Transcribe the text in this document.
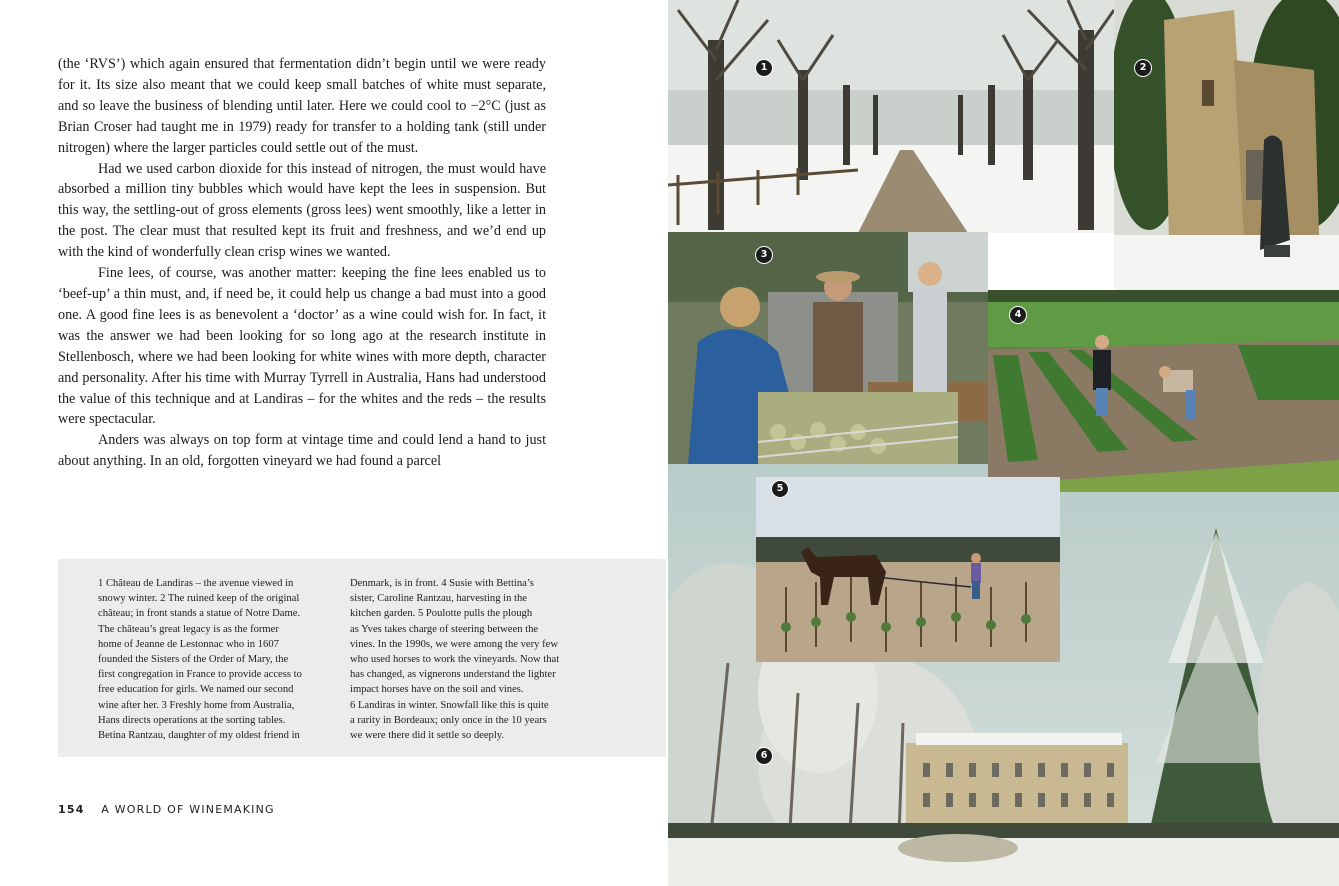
(the ‘RVS’) which again ensured that fermentation didn’t begin until we were ready for it. Its size also meant that we could keep small batches of white must separate, and so leave the business of blending until later. Here we could cool to −2°C (just as Brian Croser had taught me in 1979) ready for transfer to a holding tank (still under nitrogen) where the larger particles could settle out of the must.

Had we used carbon dioxide for this instead of nitrogen, the must would have absorbed a million tiny bubbles which would have kept the lees in suspension. But this way, the settling-out of gross elements (gross lees) went smoothly, like a letter in the post. The clear must that resulted kept its fruit and freshness, and we’d end up with the kind of wonderfully clean crisp wines we wanted.

Fine lees, of course, was another matter: keeping the fine lees enabled us to ‘beef-up’ a thin must, and, if need be, it could help us change a bad must into a good one. A good fine lees is as benevolent a ‘doctor’ as a wine could wish for. In fact, it was the answer we had been looking for so long ago at the research institute in Stellenbosch, where we had been looking for white wines with more depth, character and personality. After his time with Murray Tyrrell in Australia, Hans had understood the value of this technique and at Landiras – for the whites and the reds – the results were spectacular.

Anders was always on top form at vintage time and could lend a hand to just about anything. In an old, forgotten vineyard we had found a parcel

1 Château de Landiras – the avenue viewed in
snowy winter. 2 The ruined keep of the original
château; in front stands a statue of Notre Dame.
The château’s great legacy is as the former
home of Jeanne de Lestonnac who in 1607
founded the Sisters of the Order of Mary, the
first congregation in France to provide access to
free education for girls. We named our second
wine after her. 3 Freshly home from Australia,
Hans directs operations at the sorting tables.
Betina Rantzau, daughter of my oldest friend in
Denmark, is in front. 4 Susie with Bettina’s
sister, Caroline Rantzau, harvesting in the
kitchen garden. 5 Poulotte pulls the plough
as Yves takes charge of steering between the
vines. In the 1990s, we were among the very few
who used horses to work the vineyards. Now that
has changed, as vignerons understand the lighter
impact horses have on the soil and vines.
6 Landiras in winter. Snowfall like this is quite
a rarity in Bordeaux; only once in the 10 years
we were there did it settle so deeply.
154 A WORLD OF WINEMAKING
1	2
3
4
5
6
